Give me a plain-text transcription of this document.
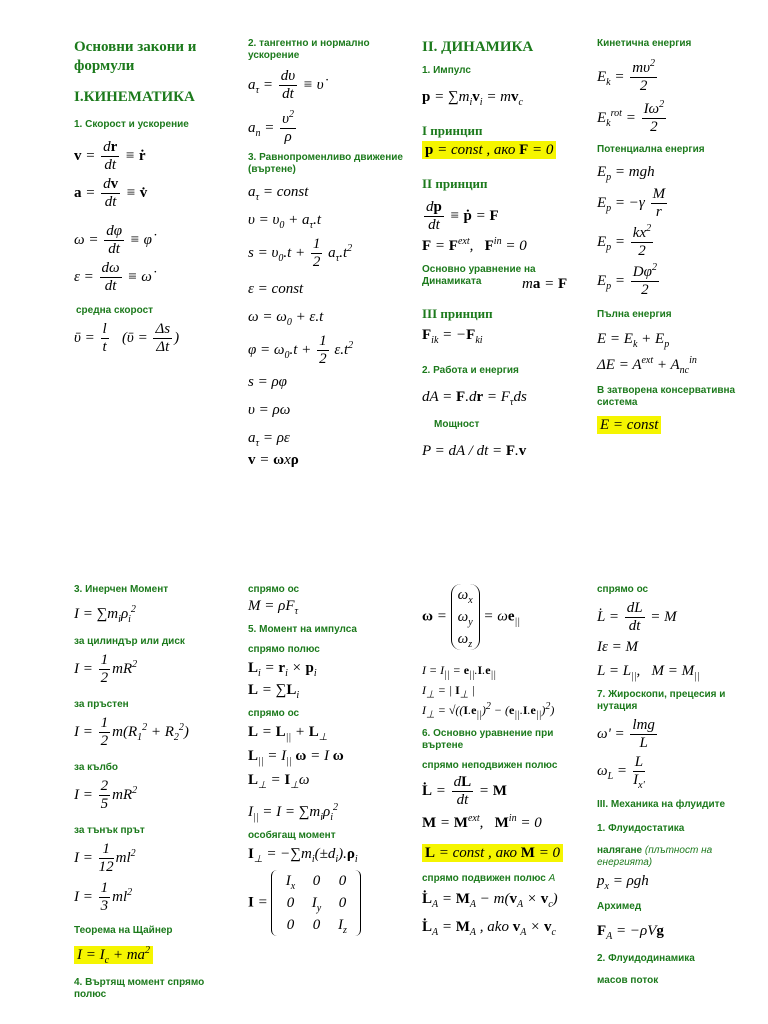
Основни закони и формули
I.КИНЕМАТИКА
1. Скорост и ускорение
$v = \frac{dr}{dt}$ ≡ ṙ
$a = \frac{dv}{dt}$ ≡ v̇
$\omega = \frac{d\varphi}{dt}$ ≡ φ̇
$\varepsilon = \frac{d\omega}{dt}$ ≡ ω̇
средна скорост
ῡ = $\frac{l}{t}$ (ῡ = $\frac{\Delta s}{\Delta t}$ )
2. тангентно и нормално ускорение
$a_\tau = \frac{d\upsilon}{dt}$ ≡ υ̇
$a_n = \frac{\upsilon^2}{\rho}$
3. Равнопроменливо движение (въртене)
$a_\tau$ = const
$\upsilon = \upsilon_0 + a_\tau.t$
$s = \upsilon_0.t + \frac{1}{2} a_\tau.t^2$
ε = const
$\omega = \omega_0 + \varepsilon.t$
$\varphi = \omega_0.t + \frac{1}{2} \varepsilon.t^2$
s = ρφ
υ = ρω
$a_\tau = \rho\varepsilon$
v = ωxρ
II. ДИНАМИКА
1. Импулс
$p = \sum m_iv_i = mv_c$
I принцип
p = const , ако F = 0
II принцип
$\frac{dp}{dt}$ ≡ ṗ = F
$F = F^{ext}$,   $F^{in} = 0$
Основно уравнение на Динамиката	ma = F
III принцип
$F_{ik} = -F_{ki}$
2. Работа и енергия
dA = $F.dr = F_\tau ds$
Мощност
P = dA / dt = F.v
Кинетична енергия
$E_k = \frac{m\upsilon^2}{2}$
$E_k^{rot} = \frac{I\omega^2}{2}$
Потенциална енергия
$E_p$ = mgh
$E_p = -\gamma \frac{M}{r}$
$E_p = \frac{kx^2}{2}$
$E_p = \frac{D\varphi^2}{2}$
Пълна енергия
$E = E_k + E_p$
$\Delta E = A^{ext} + A_{nc}^{in}$
В затворена консервативна система
E = const
3. Инерчен Момент
$I = \sum m_i\rho_i^2$
за цилиндър или диск
$I = \frac{1}{2} mR^2$
за пръстен
$I = \frac{1}{2} m(R_1^2 + R_2^2)$
за кълбо
$I = \frac{2}{5} mR^2$
за тънък прът
$I = \frac{1}{12} ml^2$
$I = \frac{1}{3} ml^2$
Теорема на Щайнер
$I = I_c + ma^2$
4. Въртящ момент спрямо полюс
спрямо ос
$M = \rho F_\tau$
5. Момент на импулса
спрямо полюс
$L_i = r_i \times p_i$
$L = \sum L_i$
спрямо ос
$L = L_{||} + L_\perp$
$L_{||} = I_{||}$ ω = I ω
$L_\perp = I_\perp\omega$
$I_{||} = I = \sum m_i\rho_i^2$
особягащ момент
$I_\perp = -\sum m_i(\pm d_i).\rho_i$
I =
$I_x$ 0 0
0 $I_y$ 0
0 0 $I_z$
ω =
$\omega_x$
$\omega_y$
$\omega_z$
= $\omega e_{||}$
$I = I_{||} = e_{||}.I.e_{||}$
$I_\perp$ = | $I_\perp$ |
$I_\perp = √((I.e_{||})^2 - (e_{||}.I.e_{||})^2)$
6. Основно уравнение при въртене
спрямо неподвижен полюс
L̇ = $\frac{dL}{dt} = M$
$M = M^{ext}$,   $M^{in} = 0$
L = const , ако M = 0
спрямо подвижен полюс A
$L̇_A = M_A - m(v_A \times v_c)$
$L̇_A = M_A$ , ako $v_A \times v_c$
спрямо ос
L̇ = $\frac{dL}{dt} = M$
Iε = M
$L = L_{||}$,   $M = M_{||}$
7. Жироскопи, прецесия и нутация
$\omega' = \frac{\text{lmg}}{L}$
$\omega_L = \frac{L}{I_{x'}}$
III. Механика на флуидите
1. Флуидостатика
налягане (плътност на енергията)
$p_x = \rho gh$
Архимед
$F_A = -\rho Vg$
2. Флуидодинамика
масов поток
